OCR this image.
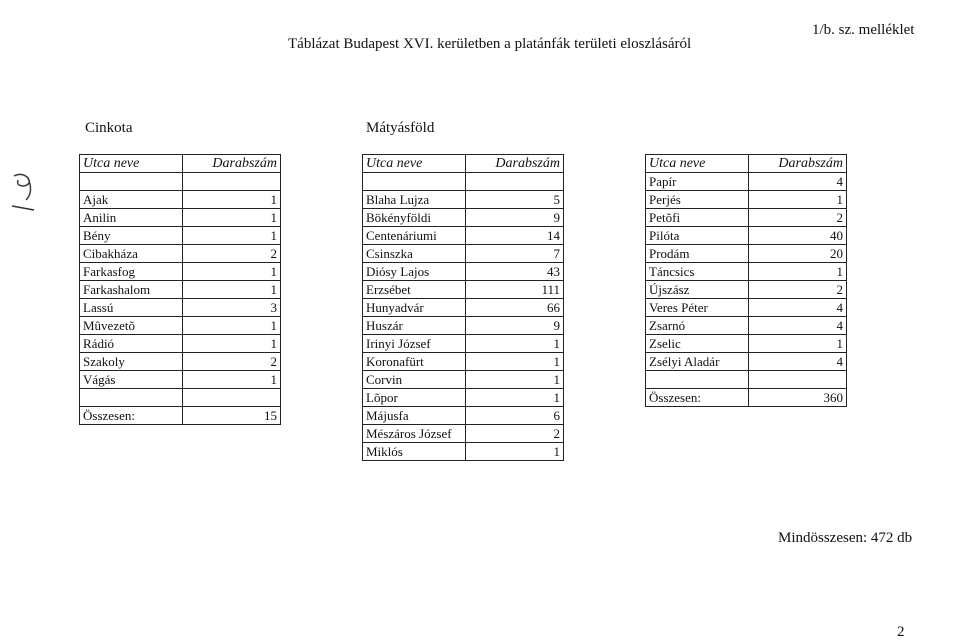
Táblázat Budapest XVI. kerületben a platánfák területi eloszlásáról
1/b. sz. melléklet
Cinkota	Mátyásföld
Utca neve	Darabszám

Ajak	1
Anilin	1
Bény	1
Cibakháza	2
Farkasfog	1
Farkashalom	1
Lassú	3
Mûvezetõ	1
Rádió	1
Szakoly	2
Vágás	1

Összesen:	15
Utca neve	Darabszám

Blaha Lujza	5
Bökényföldi	9
Centenáriumi	14
Csinszka	7
Diósy Lajos	43
Erzsébet	111
Hunyadvár	66
Huszár	9
Irinyi József	1
Koronafürt	1
Corvin	1
Lõpor	1
Májusfa	6
Mészáros József	2
Miklós	1
Utca neve	Darabszám
Papír	4
Perjés	1
Petõfi	2
Pilóta	40
Prodám	20
Táncsics	1
Újszász	2
Veres Péter	4
Zsarnó	4
Zselic	1
Zsélyi Aladár	4

Összesen:	360
Mindösszesen: 472 db
2
